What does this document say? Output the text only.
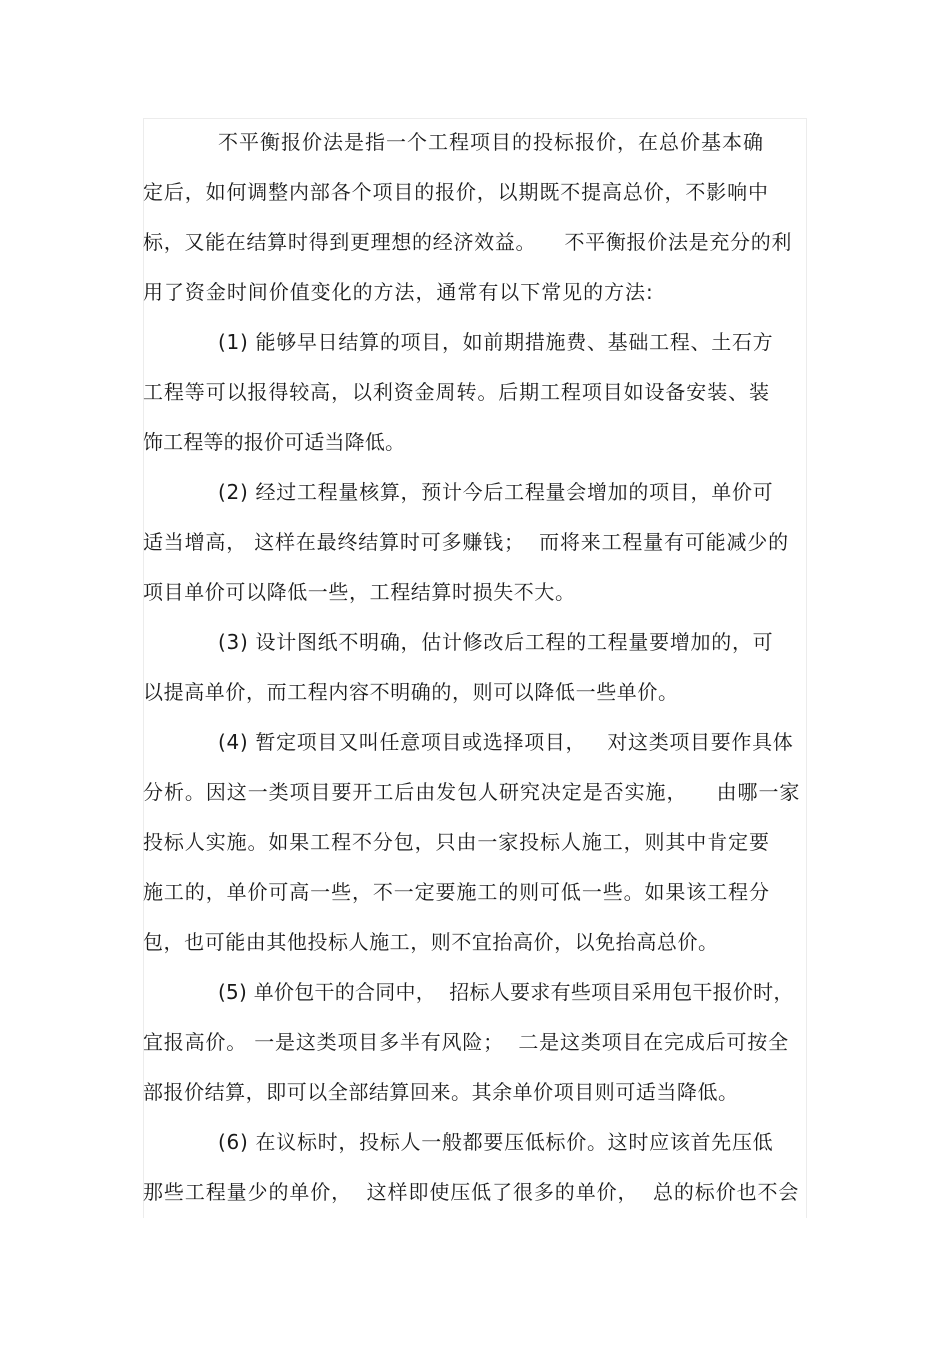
不平衡报价法是指一个工程项目的投标报价，在总价基本确
定后，如何调整内部各个项目的报价，以期既不提高总价，不影响中
标，又能在结算时得到更理想的经济效益。    不平衡报价法是充分的利
用了资金时间价值变化的方法，通常有以下常见的方法:
(1) 能够早日结算的项目，如前期措施费、基础工程、土石方
工程等可以报得较高，以利资金周转。后期工程项目如设备安装、装
饰工程等的报价可适当降低。
(2) 经过工程量核算，预计今后工程量会增加的项目，单价可
适当增高， 这样在最终结算时可多赚钱；  而将来工程量有可能减少的
项目单价可以降低一些，工程结算时损失不大。
(3) 设计图纸不明确，估计修改后工程的工程量要增加的，可
以提高单价，而工程内容不明确的，则可以降低一些单价。
(4) 暂定项目又叫任意项目或选择项目，   对这类项目要作具体
分析。因这一类项目要开工后由发包人研究决定是否实施，    由哪一家
投标人实施。如果工程不分包，只由一家投标人施工，则其中肯定要
施工的，单价可高一些，不一定要施工的则可低一些。如果该工程分
包，也可能由其他投标人施工，则不宜抬高价，以免抬高总价。
(5) 单价包干的合同中，  招标人要求有些项目采用包干报价时，
宜报高价。 一是这类项目多半有风险；  二是这类项目在完成后可按全
部报价结算，即可以全部结算回来。其余单价项目则可适当降低。
(6) 在议标时，投标人一般都要压低标价。这时应该首先压低
那些工程量少的单价，  这样即使压低了很多的单价，  总的标价也不会
